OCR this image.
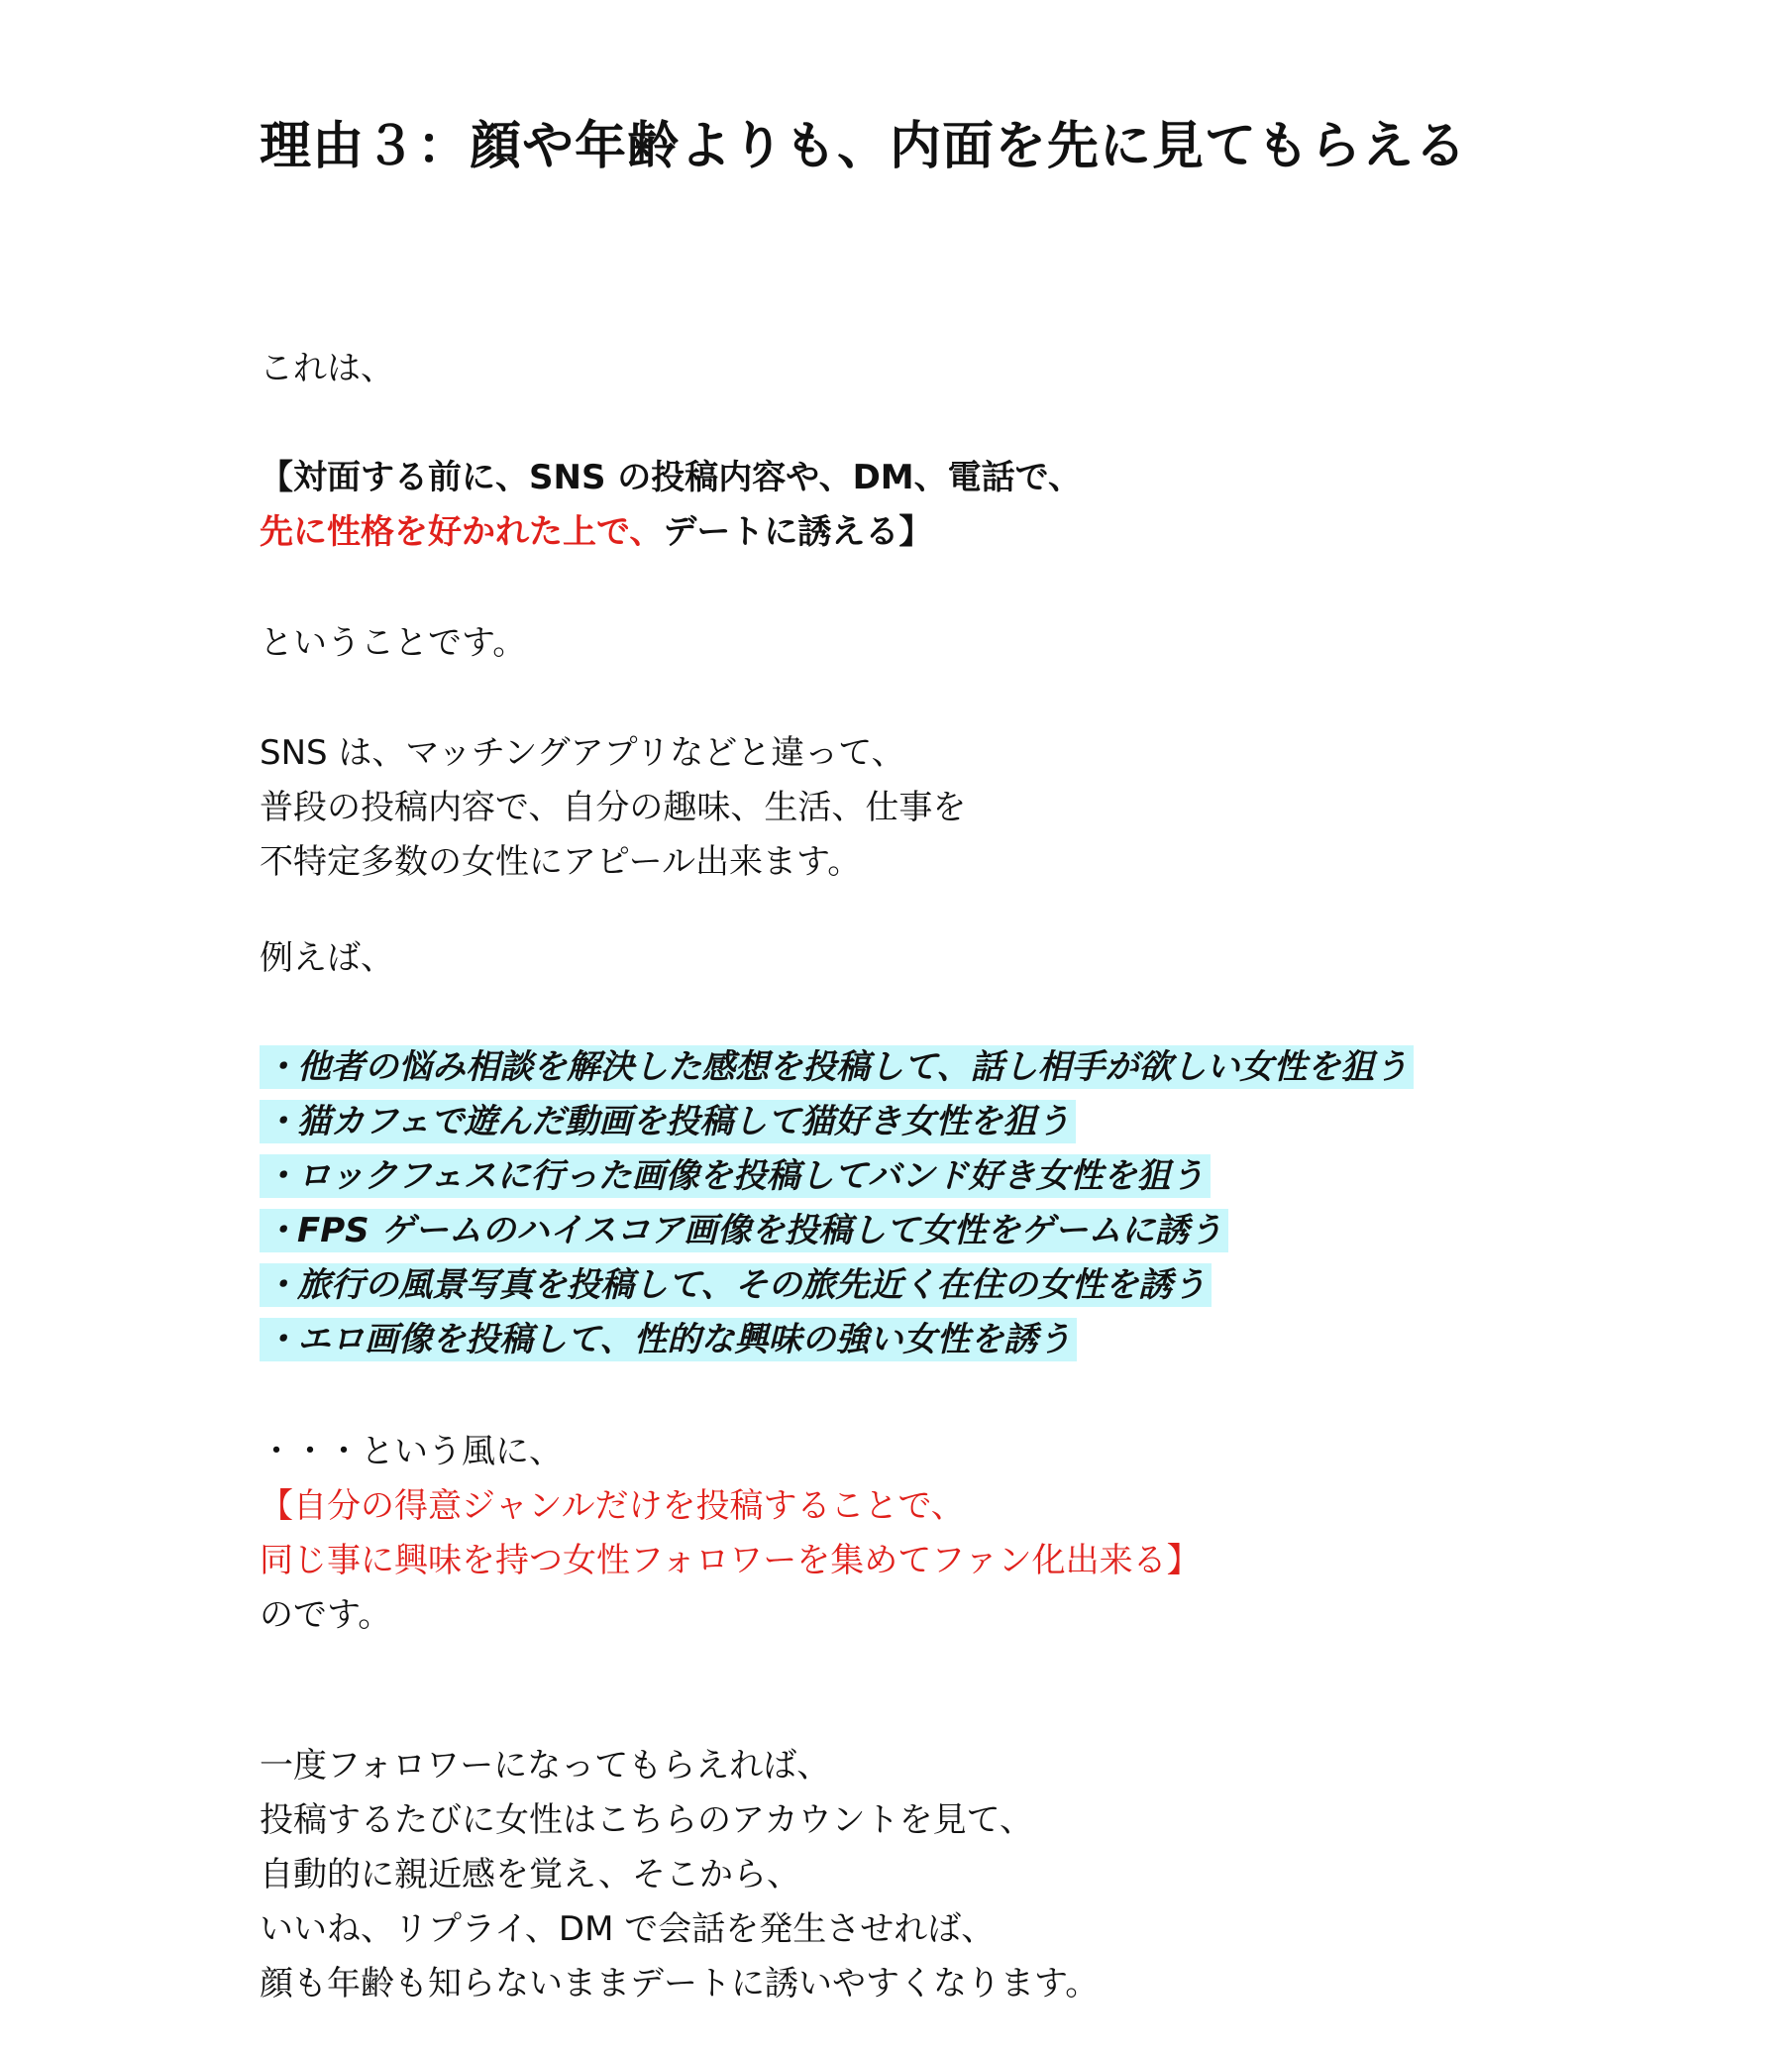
理由３：顔や年齢よりも、内面を先に見てもらえる

これは、

【対面する前に、SNS の投稿内容や、DM、電話で、
先に性格を好かれた上で、デートに誘える】

ということです。

SNS は、マッチングアプリなどと違って、
普段の投稿内容で、自分の趣味、生活、仕事を
不特定多数の女性にアピール出来ます。

例えば、

・他者の悩み相談を解決した感想を投稿して、話し相手が欲しい女性を狙う
・猫カフェで遊んだ動画を投稿して猫好き女性を狙う
・ロックフェスに行った画像を投稿してバンド好き女性を狙う
・FPS ゲームのハイスコア画像を投稿して女性をゲームに誘う
・旅行の風景写真を投稿して、その旅先近く在住の女性を誘う
・エロ画像を投稿して、性的な興味の強い女性を誘う

・・・という風に、
【自分の得意ジャンルだけを投稿することで、
同じ事に興味を持つ女性フォロワーを集めてファン化出来る】
のです。

一度フォロワーになってもらえれば、
投稿するたびに女性はこちらのアカウントを見て、
自動的に親近感を覚え、そこから、
いいね、リプライ、DM で会話を発生させれば、
顔も年齢も知らないままデートに誘いやすくなります。
